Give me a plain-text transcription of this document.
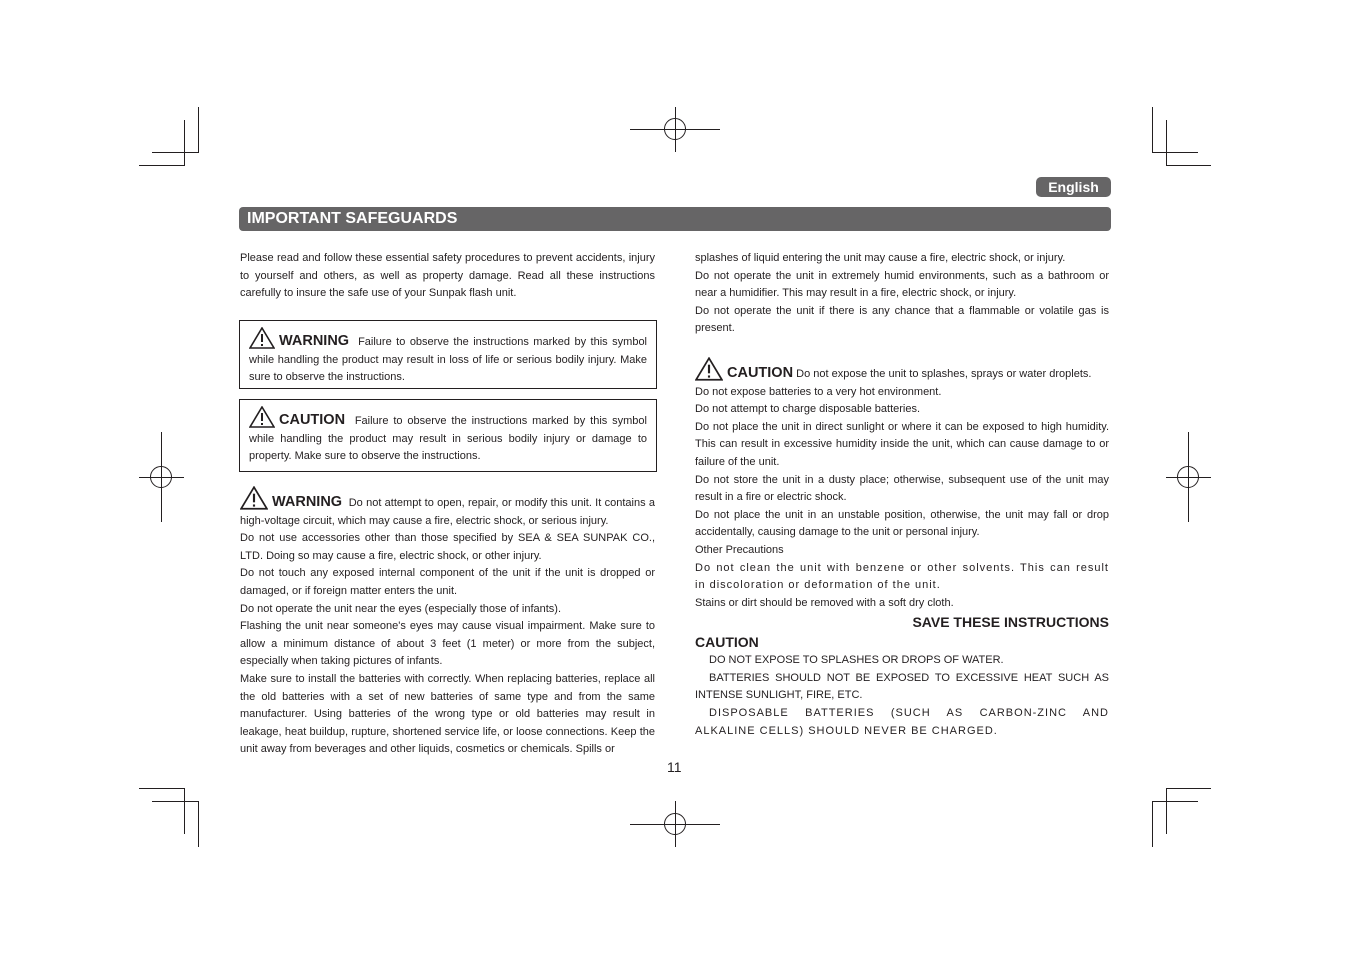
English
IMPORTANT SAFEGUARDS

Please read and follow these essential safety procedures to prevent accidents, injury to yourself and others, as well as property damage. Read all these instructions carefully to insure the safe use of your Sunpak flash unit.

WARNING Failure to observe the instructions marked by this symbol while handling the product may result in loss of life or serious bodily injury. Make sure to observe the instructions.
CAUTION Failure to observe the instructions marked by this symbol while handling the product may result in serious bodily injury or damage to property. Make sure to observe the instructions.

WARNING Do not attempt to open, repair, or modify this unit. It contains a high-voltage circuit, which may cause a fire, electric shock, or serious injury.

Do not use accessories other than those specified by SEA & SEA SUNPAK CO., LTD. Doing so may cause a fire, electric shock, or other injury.

Do not touch any exposed internal component of the unit if the unit is dropped or damaged, or if foreign matter enters the unit.

Do not operate the unit near the eyes (especially those of infants).

Flashing the unit near someone's eyes may cause visual impairment. Make sure to allow a minimum distance of about 3 feet (1 meter) or more from the subject, especially when taking pictures of infants.

Make sure to install the batteries with correctly. When replacing batteries, replace all the old batteries with a set of new batteries of same type and from the same manufacturer. Using batteries of the wrong type or old batteries may result in leakage, heat buildup, rupture, shortened service life, or loose connections. Keep the unit away from beverages and other liquids, cosmetics or chemicals. Spills or

splashes of liquid entering the unit may cause a fire, electric shock, or injury.

Do not operate the unit in extremely humid environments, such as a bathroom or near a humidifier. This may result in a fire, electric shock, or injury.

Do not operate the unit if there is any chance that a flammable or volatile gas is present.

CAUTION Do not expose the unit to splashes, sprays or water droplets.

Do not expose batteries to a very hot environment.

Do not attempt to charge disposable batteries.

Do not place the unit in direct sunlight or where it can be exposed to high humidity. This can result in excessive humidity inside the unit, which can cause damage to or failure of the unit.

Do not store the unit in a dusty place; otherwise, subsequent use of the unit may result in a fire or electric shock.

Do not place the unit in an unstable position, otherwise, the unit may fall or drop accidentally, causing damage to the unit or personal injury.

Other Precautions

Do not clean the unit with benzene or other solvents. This can result in discoloration or deformation of the unit.

Stains or dirt should be removed with a soft dry cloth.

SAVE THESE INSTRUCTIONS

CAUTION

DO NOT EXPOSE TO SPLASHES OR DROPS OF WATER.

BATTERIES SHOULD NOT BE EXPOSED TO EXCESSIVE HEAT SUCH AS INTENSE SUNLIGHT, FIRE, ETC.

DISPOSABLE BATTERIES (SUCH AS CARBON-ZINC AND ALKALINE CELLS) SHOULD NEVER BE CHARGED.

11
